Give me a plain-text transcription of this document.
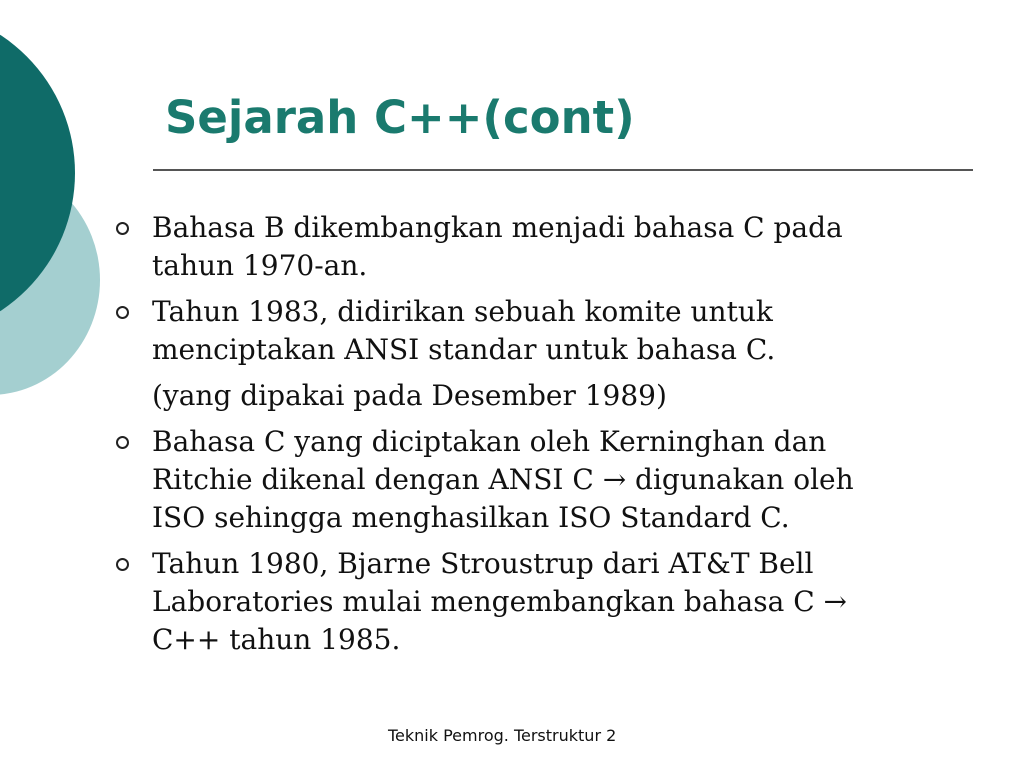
Sejarah C++(cont)
Bahasa B dikembangkan menjadi bahasa C pada
tahun 1970-an.
Tahun 1983, didirikan sebuah komite untuk
menciptakan ANSI standar untuk bahasa C.
(yang dipakai pada Desember 1989)
Bahasa C yang diciptakan oleh Kerninghan dan
Ritchie dikenal dengan ANSI C → digunakan oleh
ISO sehingga menghasilkan ISO Standard C.
Tahun 1980, Bjarne Stroustrup dari AT&T Bell
Laboratories mulai mengembangkan bahasa C →
C++ tahun 1985.
Teknik Pemrog. Terstruktur 2
